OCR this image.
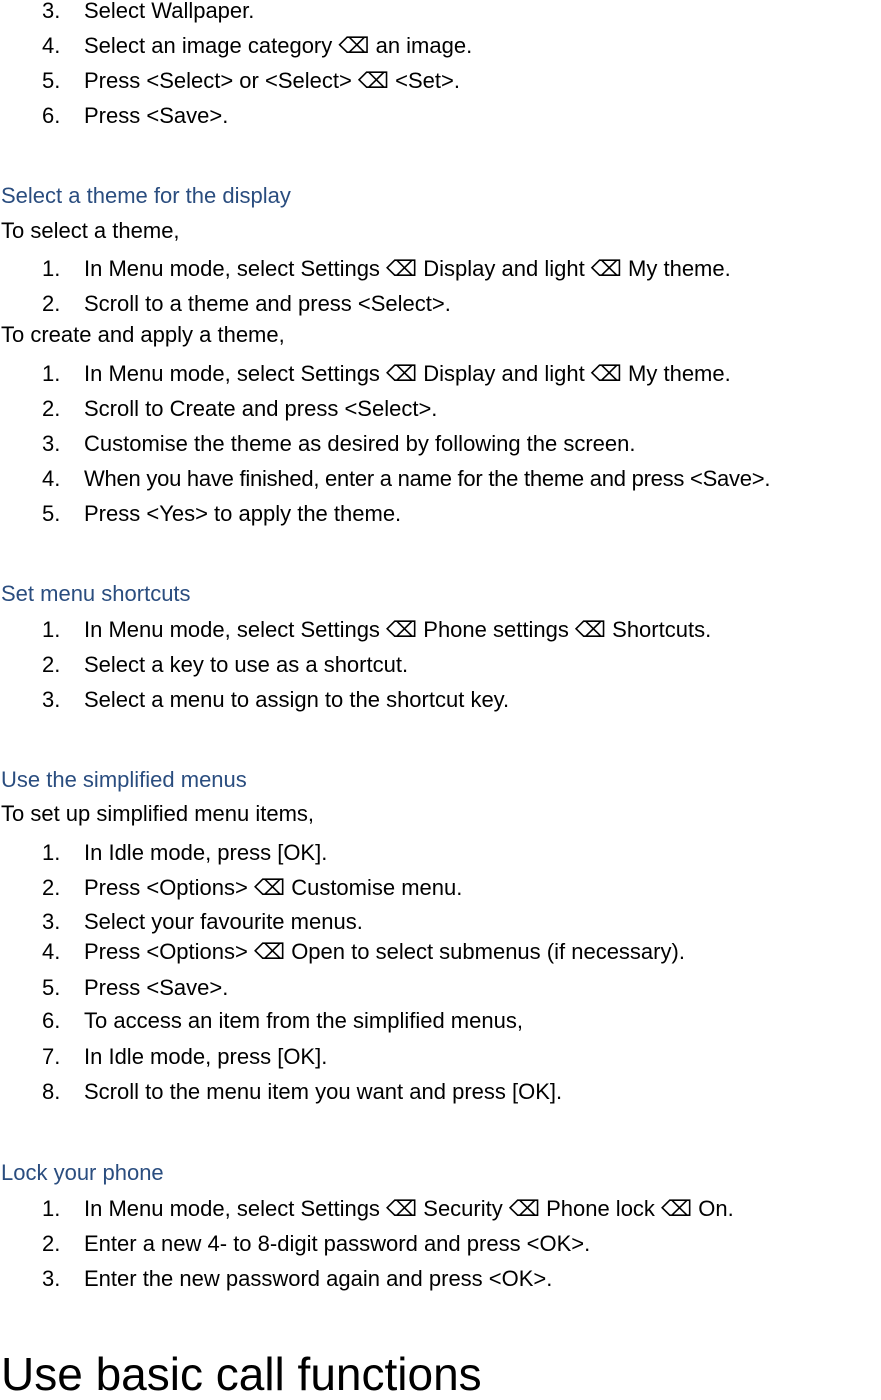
3.	Select Wallpaper.
4.	Select an image category ⌫ an image.
5.	Press <Select> or <Select> ⌫ <Set>.
6.	Press <Save>.
Select a theme for the display
To select a theme,
1.	In Menu mode, select Settings ⌫ Display and light ⌫ My theme.
2.	Scroll to a theme and press <Select>.
To create and apply a theme,
1.	In Menu mode, select Settings ⌫ Display and light ⌫ My theme.
2.	Scroll to Create and press <Select>.
3.	Customise the theme as desired by following the screen.
4.	When you have finished, enter a name for the theme and press <Save>.
5.	Press <Yes> to apply the theme.
Set menu shortcuts
1.	In Menu mode, select Settings ⌫ Phone settings ⌫ Shortcuts.
2.	Select a key to use as a shortcut.
3.	Select a menu to assign to the shortcut key.
Use the simplified menus
To set up simplified menu items,
1.	In Idle mode, press [OK].
2.	Press <Options> ⌫ Customise menu.
3.	Select your favourite menus.
4.	Press <Options> ⌫ Open to select submenus (if necessary).
5.	Press <Save>.
6.	To access an item from the simplified menus,
7.	In Idle mode, press [OK].
8.	Scroll to the menu item you want and press [OK].
Lock your phone
1.	In Menu mode, select Settings ⌫ Security ⌫ Phone lock ⌫ On.
2.	Enter a new 4- to 8-digit password and press <OK>.
3.	Enter the new password again and press <OK>.
Use basic call functions
